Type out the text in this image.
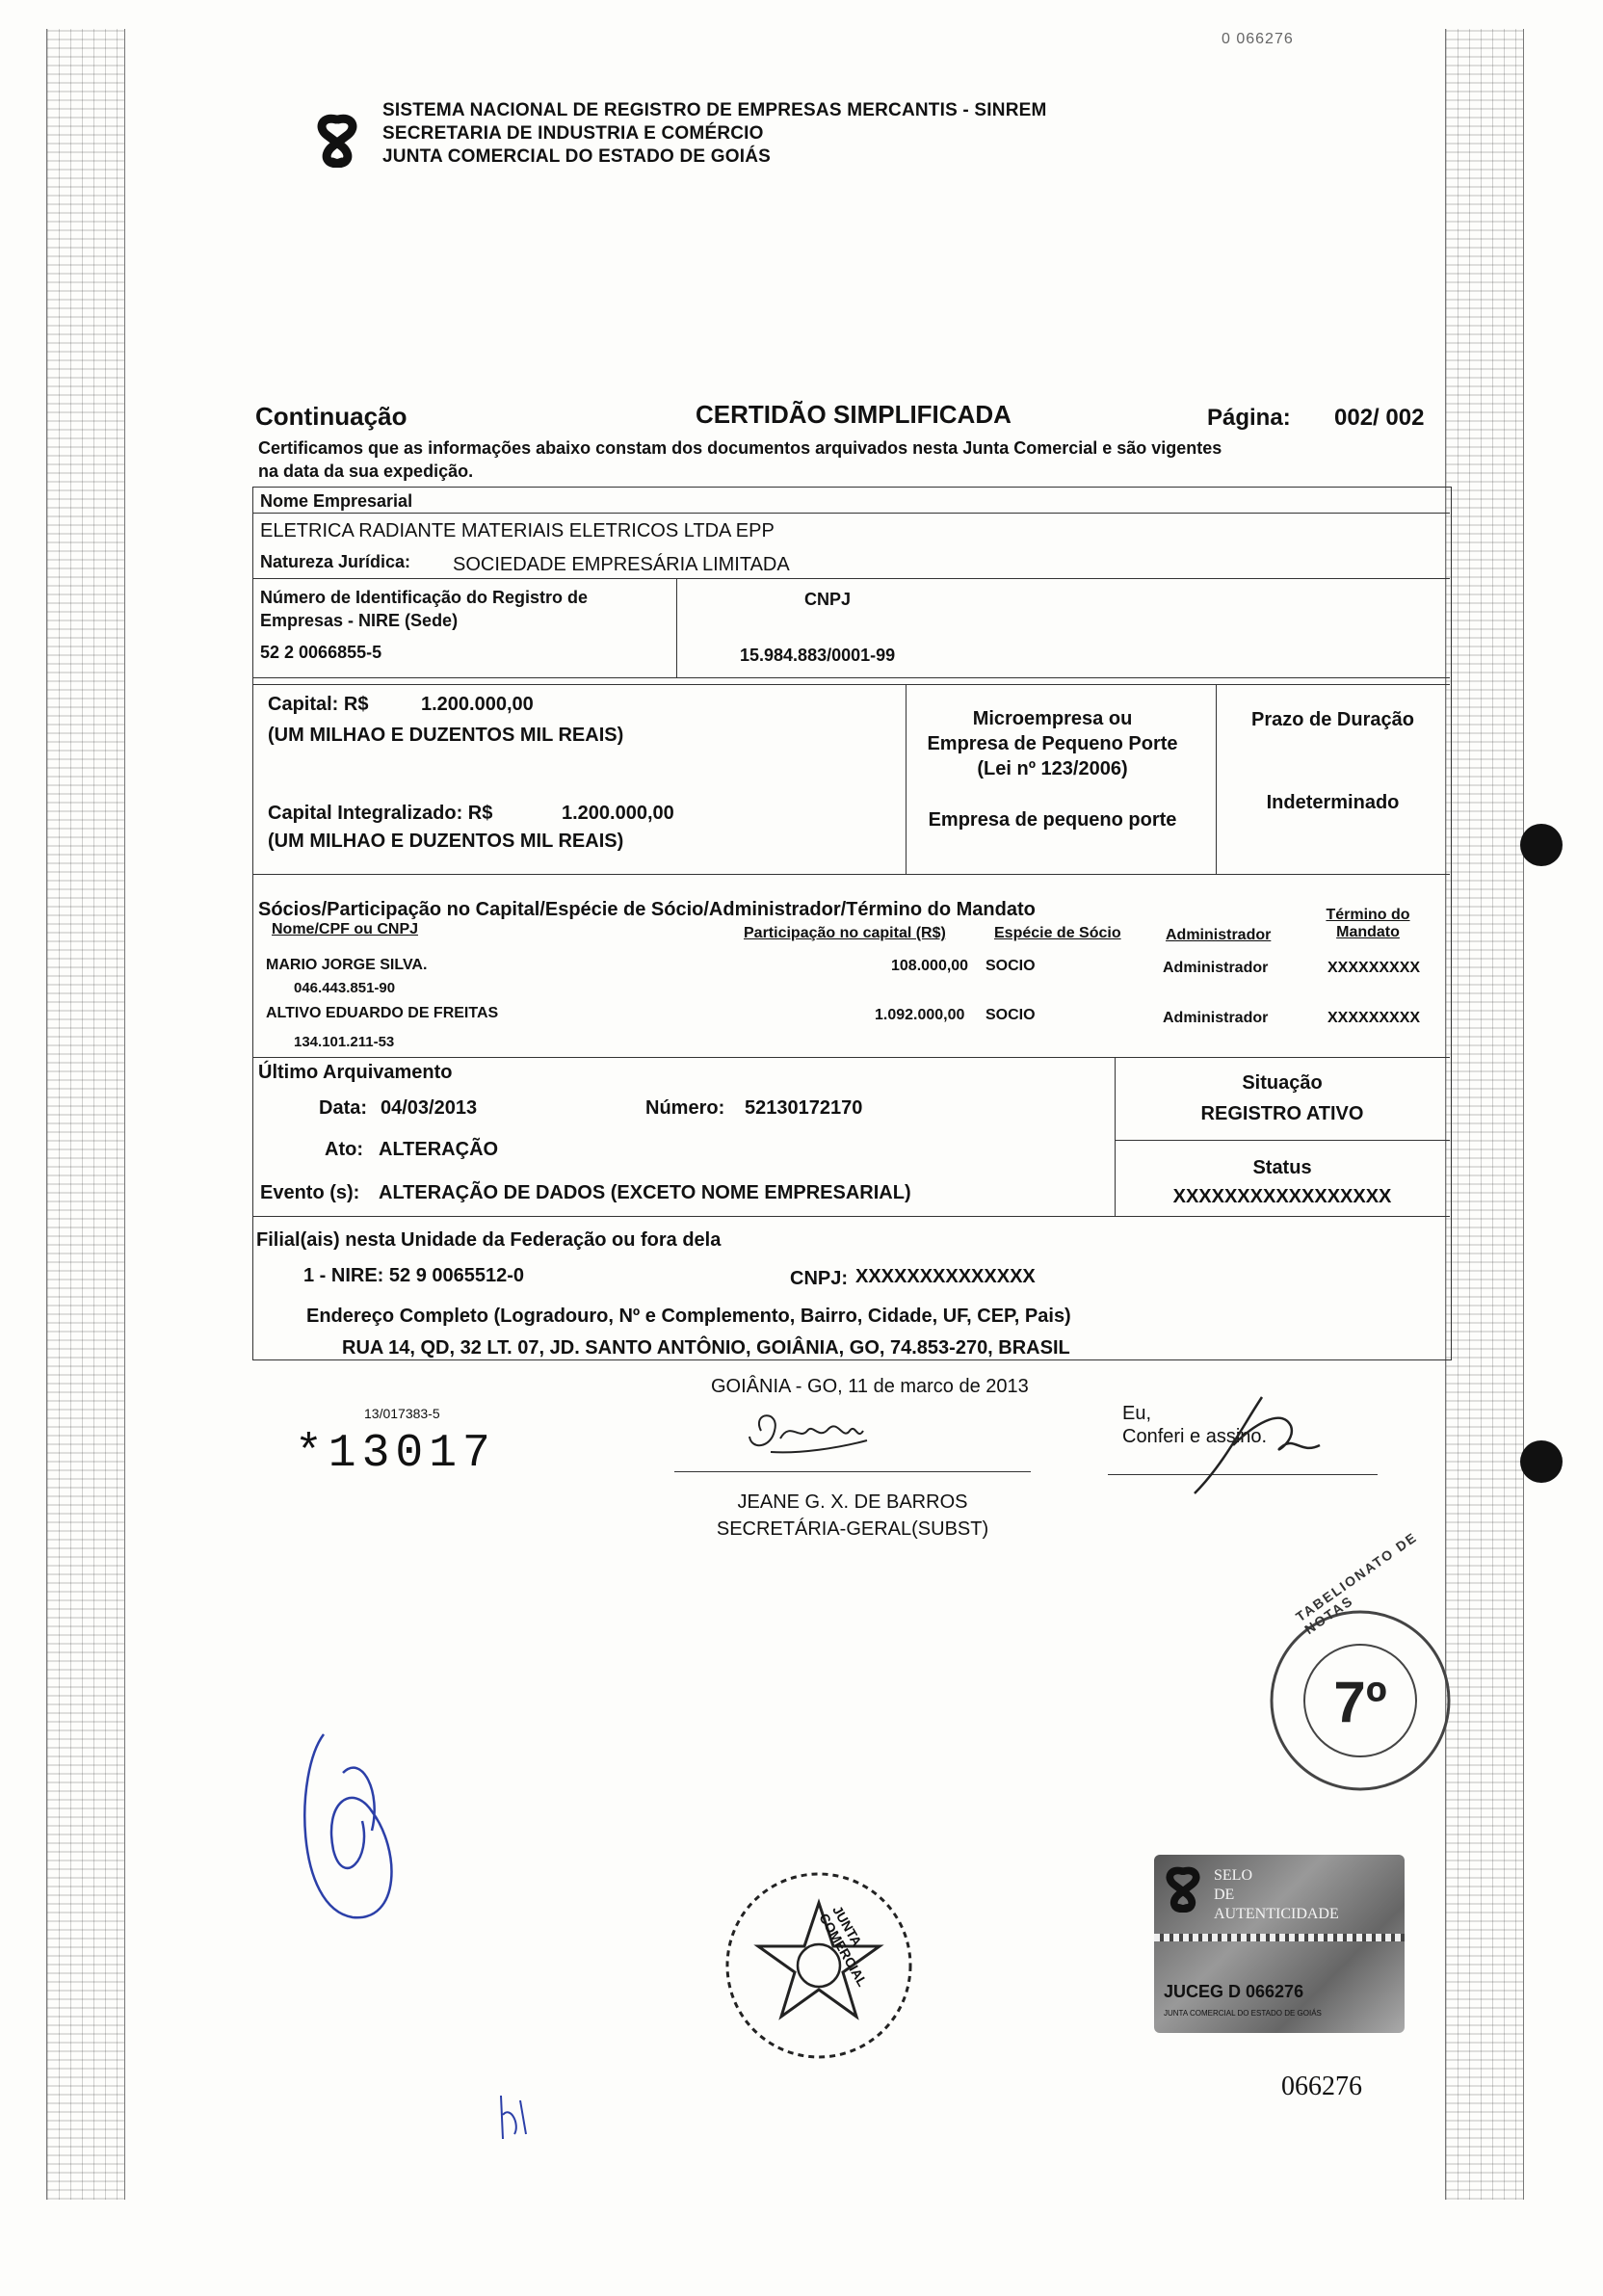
0 066276
SISTEMA NACIONAL DE REGISTRO DE EMPRESAS MERCANTIS - SINREM
SECRETARIA DE INDUSTRIA E COMÉRCIO
JUNTA COMERCIAL DO ESTADO DE GOIÁS
Continuação	CERTIDÃO SIMPLIFICADA	Página: 002/ 002
Certificamos que as informações abaixo constam dos documentos arquivados nesta Junta Comercial e são vigentes
na data da sua expedição.
Nome Empresarial
ELETRICA RADIANTE MATERIAIS ELETRICOS LTDA EPP
Natureza Jurídica: SOCIEDADE EMPRESÁRIA LIMITADA
Número de Identificação do Registro de
Empresas - NIRE (Sede)
52 2 0066855-5
CNPJ
15.984.883/0001-99
Capital: R$	1.200.000,00
(UM MILHAO E DUZENTOS MIL REAIS)
Capital Integralizado: R$	1.200.000,00
(UM MILHAO E DUZENTOS MIL REAIS)
Microempresa ou
Empresa de Pequeno Porte
(Lei nº 123/2006)
Empresa de pequeno porte
Prazo de Duração
Indeterminado
Sócios/Participação no Capital/Espécie de Sócio/Administrador/Término do Mandato
Nome/CPF ou CNPJ	Participação no capital (R$)	Espécie de Sócio	Administrador
Término do
Mandato
MARIO JORGE SILVA.
046.443.851-90
108.000,00 SOCIO	Administrador	XXXXXXXXX
ALTIVO EDUARDO DE FREITAS
134.101.211-53
1.092.000,00 SOCIO	Administrador	XXXXXXXXX
Último Arquivamento
Data: 04/03/2013	Número: 52130172170
Ato: ALTERAÇÃO
Evento (s): ALTERAÇÃO DE DADOS (EXCETO NOME EMPRESARIAL)
Situação
REGISTRO ATIVO
Status
XXXXXXXXXXXXXXXXX
Filial(ais) nesta Unidade da Federação ou fora dela
1 - NIRE: 52 9 0065512-0	CNPJ: XXXXXXXXXXXXXX
Endereço Completo (Logradouro, Nº e Complemento, Bairro, Cidade, UF, CEP, Pais)
RUA 14, QD, 32 LT. 07, JD. SANTO ANTÔNIO, GOIÂNIA, GO, 74.853-270, BRASIL
13/017383-5
*13017
GOIÂNIA - GO, 11 de marco de 2013
JEANE G. X. DE BARROS
SECRETÁRIA-GERAL(SUBST)
Eu,
Conferi e assino.
7º
TABELIONATO DE NOTAS
JUNTA COMERCIAL
SELO
DE
AUTENTICIDADE
JUCEG D 066276
JUNTA COMERCIAL DO ESTADO DE GOIÁS
066276
